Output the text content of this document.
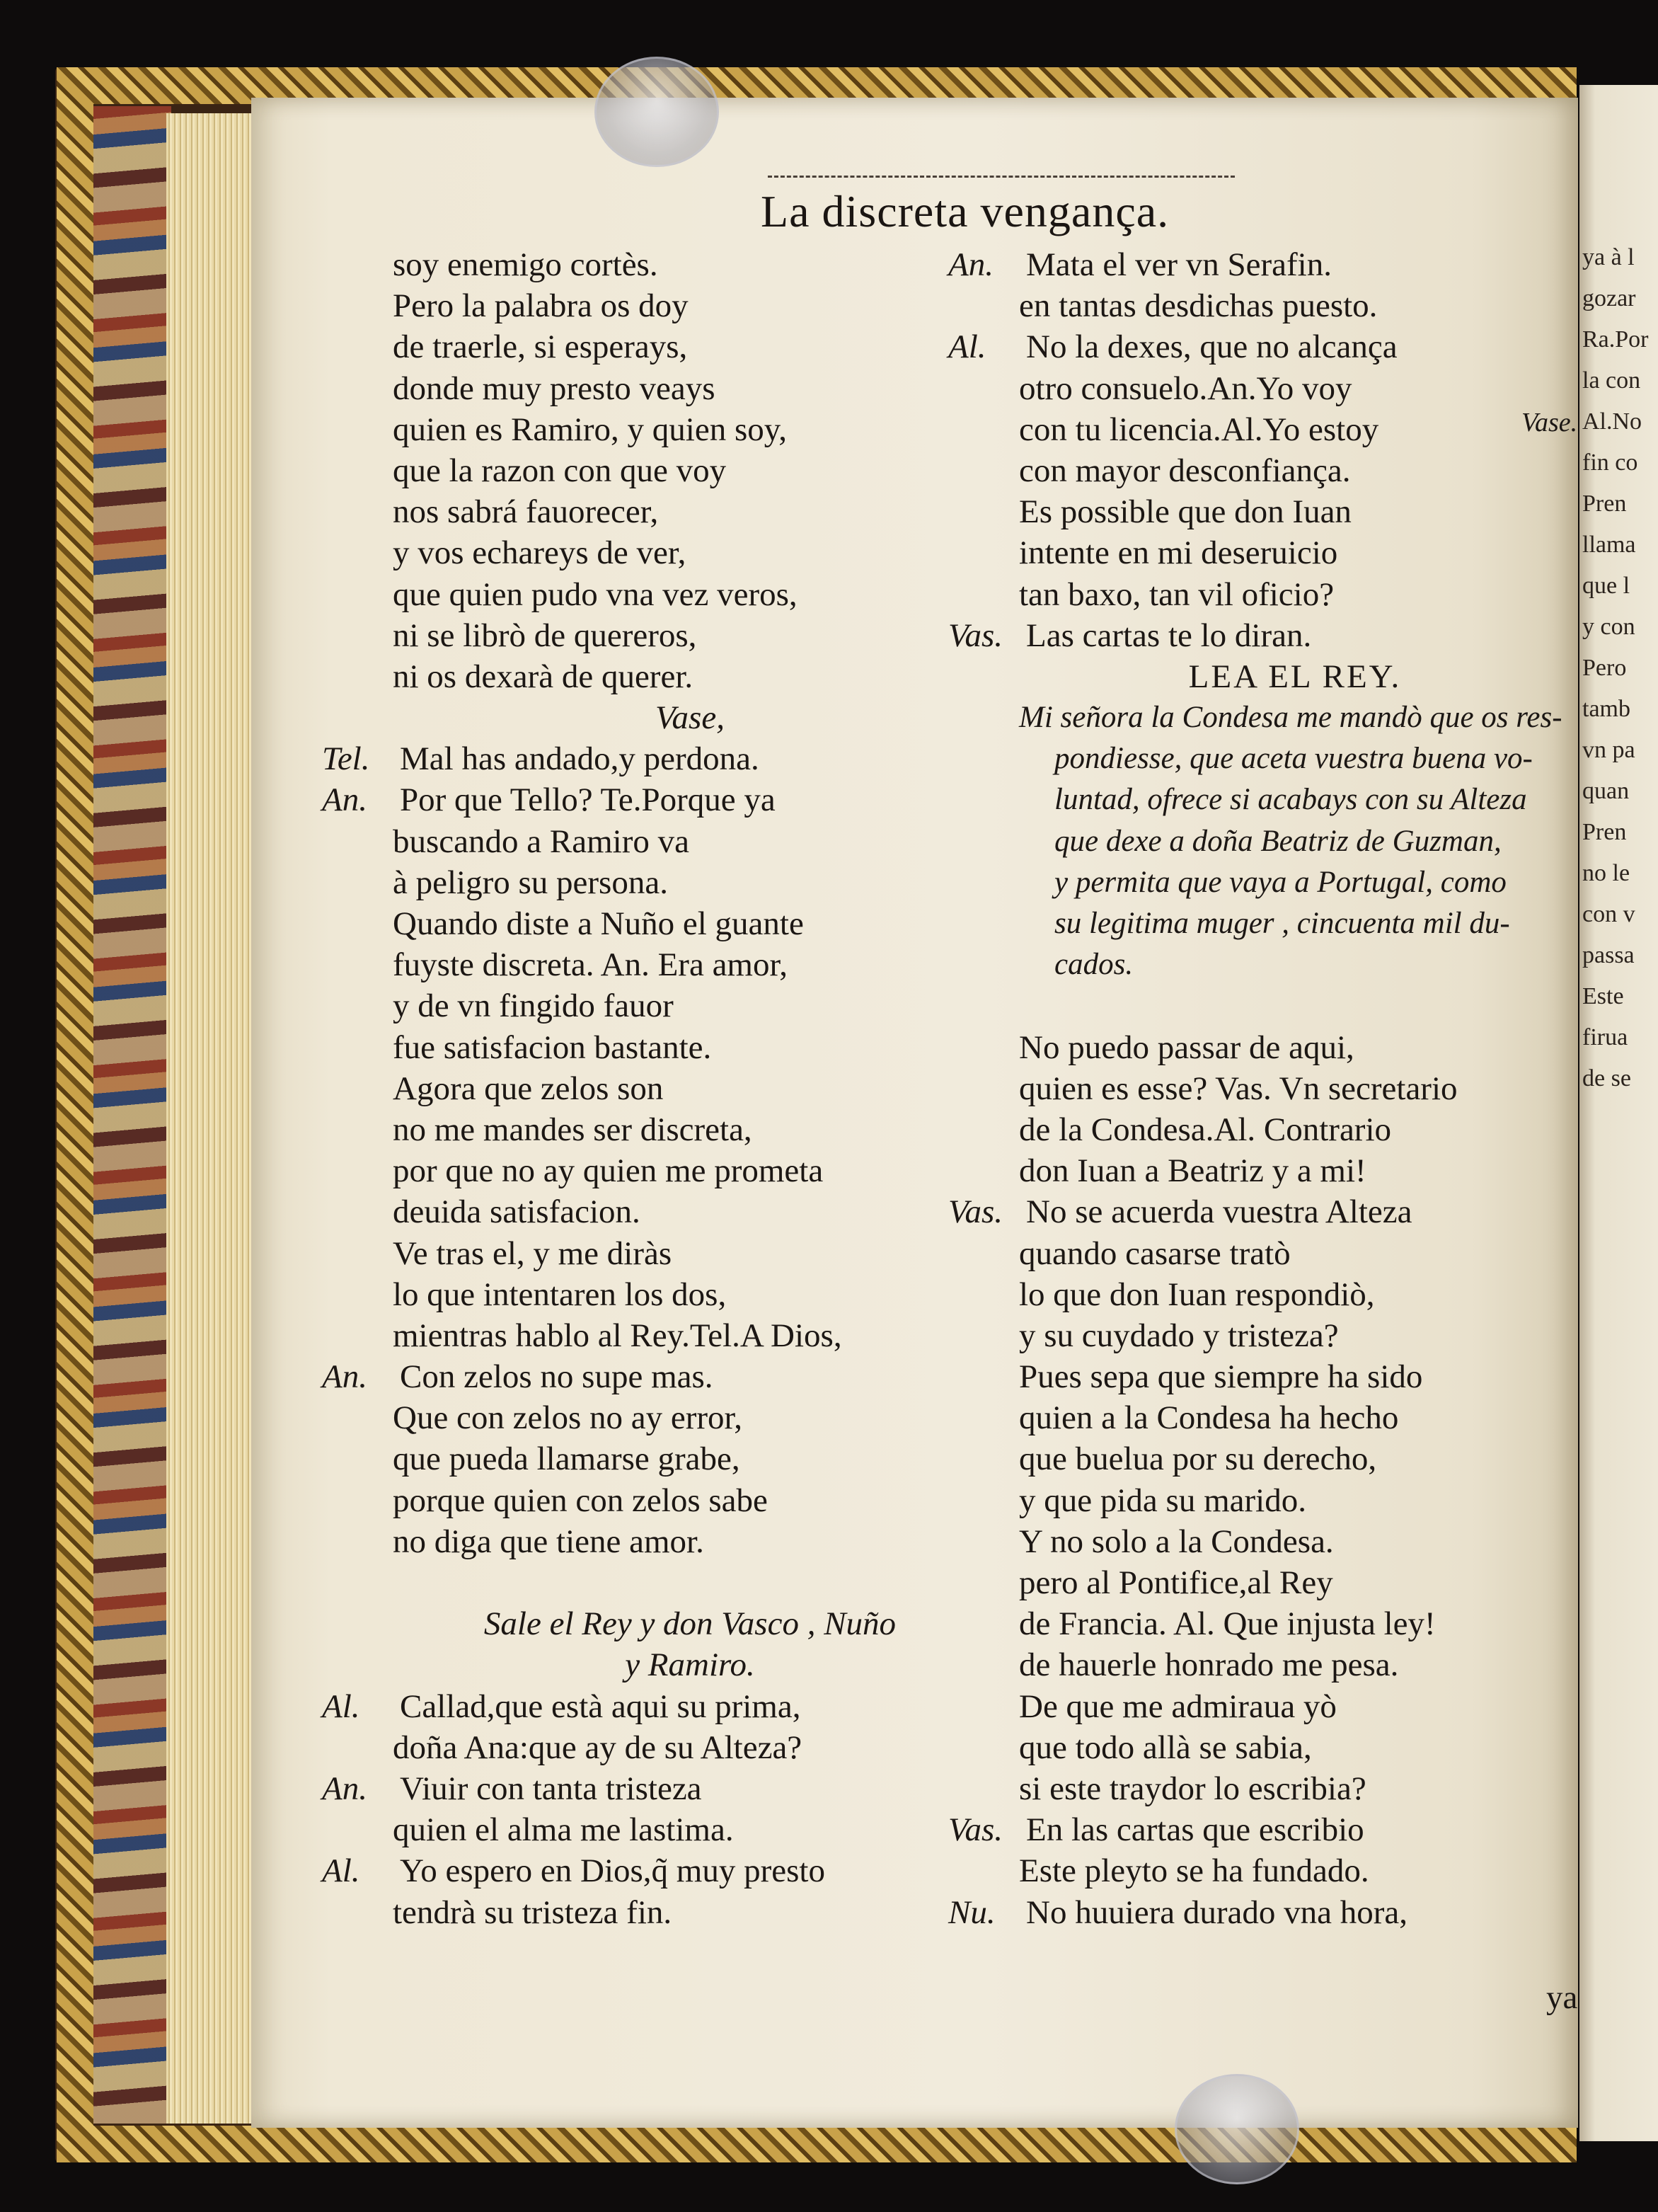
ya à l
gozar
Ra.Por
la con
Al.No
fin co
Pren
llama
que l
y con
Pero
tamb
vn pa
quan
Pren
no le
con v
passa
Este
firua
de se
La discreta vengança.
soy enemigo cortès.
Pero la palabra os doy
de traerle, si esperays,
donde muy presto veays
quien es Ramiro, y quien soy,
que la razon con que voy
nos sabrá fauorecer,
y vos echareys de ver,
que quien pudo vna vez veros,
ni se librò de quereros,
ni os dexarà de querer.
Vase,
Tel.Mal has andado,y perdona.
An.Por que Tello? Te.Porque ya
buscando a Ramiro va
à peligro su persona.
Quando diste a Nuño el guante
fuyste discreta. An. Era amor,
y de vn fingido fauor
fue satisfacion bastante.
Agora que zelos son
no me mandes ser discreta,
por que no ay quien me prometa
deuida satisfacion.
Ve tras el, y me diràs
lo que intentaren los dos,
mientras hablo al Rey.Tel.A Dios,
An.Con zelos no supe mas.
Que con zelos no ay error,
que pueda llamarse grabe,
porque quien con zelos sabe
no diga que tiene amor.
Sale el Rey y don Vasco , Nuño
y Ramiro.
Al.Callad,que està aqui su prima,
doña Ana:que ay de su Alteza?
An.Viuir con tanta tristeza
quien el alma me lastima.
Al.Yo espero en Dios,q̃ muy presto
tendrà su tristeza fin.
An.Mata el ver vn Serafin.
en tantas desdichas puesto.
Al.No la dexes, que no alcança
otro consuelo.An.Yo voy
con tu licencia.Al.Yo estoy
con mayor desconfiança.
Es possible que don Iuan
intente en mi deseruicio
tan baxo, tan vil oficio?
Vas.Las cartas te lo diran.
LEA EL REY.
Mi señora la Condesa me mandò que os res-
pondiesse, que aceta vuestra buena vo-
luntad, ofrece si acabays con su Alteza
que dexe a doña Beatriz de Guzman,
y permita que vaya a Portugal, como
su legitima muger , cincuenta mil du-
cados.
No puedo passar de aqui,
quien es esse? Vas. Vn secretario
de la Condesa.Al. Contrario
don Iuan a Beatriz y a mi!
Vas.No se acuerda vuestra Alteza
quando casarse tratò
lo que don Iuan respondiò,
y su cuydado y tristeza?
Pues sepa que siempre ha sido
quien a la Condesa ha hecho
que buelua por su derecho,
y que pida su marido.
Y no solo a la Condesa.
pero al Pontifice,al Rey
de Francia. Al. Que injusta ley!
de hauerle honrado me pesa.
De que me admiraua yò
que todo allà se sabia,
si este traydor lo escribia?
Vas.En las cartas que escribio
Este pleyto se ha fundado.
Nu.No huuiera durado vna hora,
Vase.
ya
